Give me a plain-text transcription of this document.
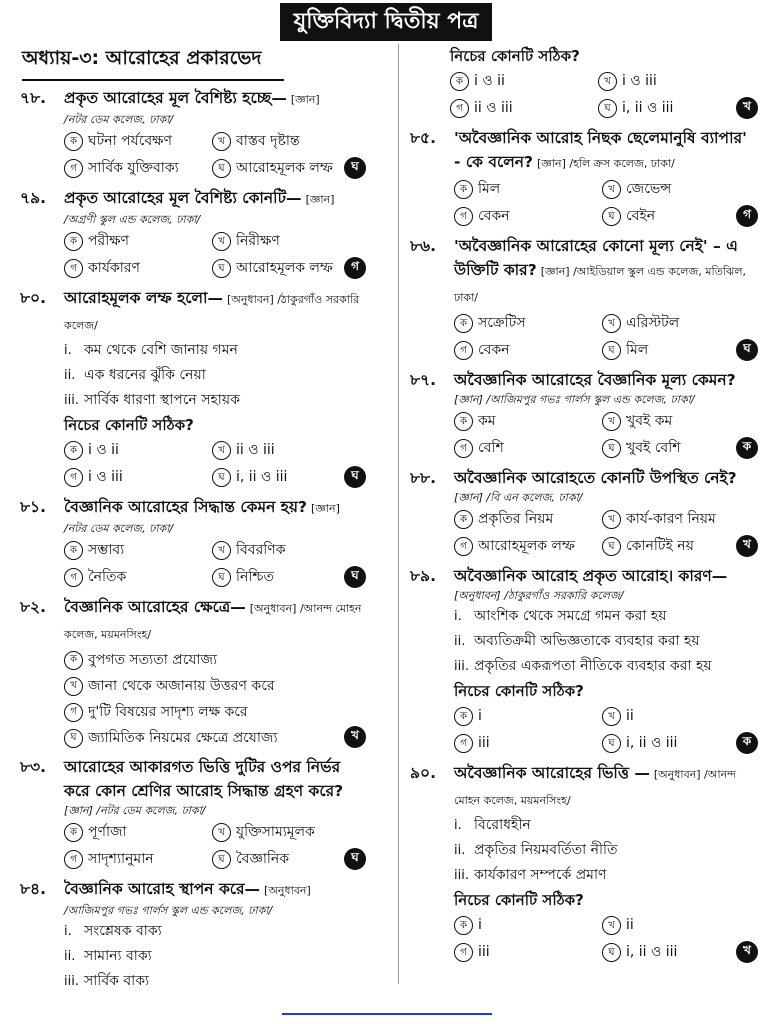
যুক্তিবিদ্যা দ্বিতীয় পত্র
অধ্যায়-৩: আরোহের প্রকারভেদ
৭৮.	প্রকৃত আরোহের মূল বৈশিষ্ট্য হচ্ছে— [জ্ঞান]
/নটর ডেম কলেজ, ঢাকা/
ক ঘটনা পর্যবেক্ষণ	খ বাস্তব দৃষ্টান্ত
গ সার্বিক যুক্তিবাক্য	ঘ আরোহমূলক লম্ফ	ঘ
৭৯.	প্রকৃত আরোহের মূল বৈশিষ্ট্য কোনটি— [জ্ঞান]
/অগ্রণী স্কুল এন্ড কলেজ, ঢাকা/
ক পরীক্ষণ	খ নিরীক্ষণ
গ কার্যকারণ	ঘ আরোহমূলক লম্ফ	গ
৮০.	আরোহমূলক লম্ফ হলো— [অনুধাবন] /ঠাকুরগাঁও সরকারি কলেজ/
i. কম থেকে বেশি জানায় গমন
ii. এক ধরনের ঝুঁকি নেয়া
iii. সার্বিক ধারণা স্থাপনে সহায়ক
নিচের কোনটি সঠিক?
ক i ও ii	খ ii ও iii
গ i ও iii	ঘ i, ii ও iii	ঘ
৮১.	বৈজ্ঞানিক আরোহের সিদ্ধান্ত কেমন হয়? [জ্ঞান]
/নটর ডেম কলেজ, ঢাকা/
ক সম্ভাব্য	খ বিবরণিক
গ নৈতিক	ঘ নিশ্চিত	ঘ
৮২.	বৈজ্ঞানিক আরোহের ক্ষেত্রে— [অনুধাবন] /আনন্দ মোহন কলেজ, ময়মনসিংহ/
ক বুপগত সত্যতা প্রযোজ্য
খ জানা থেকে অজানায় উত্তরণ করে
গ দু'টি বিষয়ের সাদৃশ্য লক্ষ করে
ঘ জ্যামিতিক নিয়মের ক্ষেত্রে প্রযোজ্য	খ
৮৩.	আরোহের আকারগত ভিত্তি দুটির ওপর নির্ভর করে কোন শ্রেণির আরোহ সিদ্ধান্ত গ্রহণ করে?
[জ্ঞান] /নটর ডেম কলেজ, ঢাকা/
ক পূর্ণাজা	খ যুক্তিসাম্যমূলক
গ সাদৃশ্যানুমান	ঘ বৈজ্ঞানিক	ঘ
৮৪.	বৈজ্ঞানিক আরোহ স্থাপন করে— [অনুধাবন]
/আজিমপুর গভঃ গার্লস স্কুল এন্ড কলেজ, ঢাকা/
i. সংশ্লেষক বাক্য
ii. সামান্য বাক্য
iii. সার্বিক বাক্য
নিচের কোনটি সঠিক?
ক i ও ii	খ i ও iii
গ ii ও iii	ঘ i, ii ও iii	খ
৮৫.	'অবৈজ্ঞানিক আরোহ নিছক ছেলেমানুষি ব্যাপার' - কে বলেন? [জ্ঞান] /হলি ক্রস কলেজ, ঢাকা/
ক মিল	খ জেভেন্স
গ বেকন	ঘ বেইন	গ
৮৬.	'অবৈজ্ঞানিক আরোহের কোনো মূল্য নেই' – এ উক্তিটি কার? [জ্ঞান] /আইডিয়াল স্কুল এন্ড কলেজ, মতিঝিল, ঢাকা/
ক সক্রেটিস	খ এরিস্টটল
গ বেকন	ঘ মিল	ঘ
৮৭.	অবৈজ্ঞানিক আরোহের বৈজ্ঞানিক মূল্য কেমন?
[জ্ঞান] /আজিমপুর গভঃ গার্লস স্কুল এন্ড কলেজ, ঢাকা/
ক কম	খ খুবই কম
গ বেশি	ঘ খুবই বেশি	ক
৮৮.	অবৈজ্ঞানিক আরোহতে কোনটি উপস্থিত নেই?
[জ্ঞান] /বি এন কলেজ, ঢাকা/
ক প্রকৃতির নিয়ম	খ কার্য-কারণ নিয়ম
গ আরোহমূলক লম্ফ	ঘ কোনটিই নয়	খ
৮৯.	অবৈজ্ঞানিক আরোহ প্রকৃত আরোহ। কারণ—
[অনুধাবন] /ঠাকুরগাঁও সরকারি কলেজ/
i. আংশিক থেকে সমগ্রে গমন করা হয়
ii. অব্যতিক্রমী অভিজ্ঞতাকে ব্যবহার করা হয়
iii. প্রকৃতির একরূপতা নীতিকে ব্যবহার করা হয়
নিচের কোনটি সঠিক?
ক i	খ ii
গ iii	ঘ i, ii ও iii	ক
৯০.	অবৈজ্ঞানিক আরোহের ভিত্তি — [অনুধাবন] /আনন্দ মোহন কলেজ, ময়মনসিংহ/
i. বিরোধহীন
ii. প্রকৃতির নিয়মবর্তিতা নীতি
iii. কার্যকারণ সম্পর্কে প্রমাণ
নিচের কোনটি সঠিক?
ক i	খ ii
গ iii	ঘ i, ii ও iii	খ
